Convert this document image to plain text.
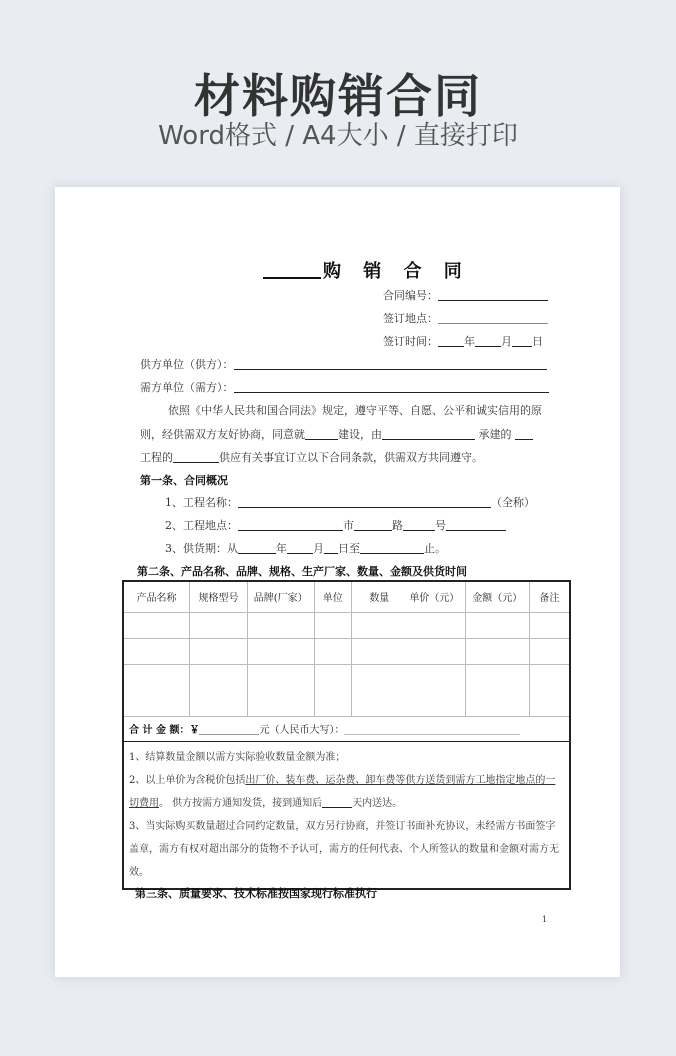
材料购销合同
Word格式 / A4大小 / 直接打印
购 销 合 同
合同编号：
签订地点：
签订时间： 年 月 日
供方单位（供方）：
需方单位（需方）：
依照《中华人民共和国合同法》规定，遵守平等、自愿、公平和诚实信用的原
则，经供需双方友好协商，同意就	建设，由	承建的
工程的	供应有关事宜订立以下合同条款，供需双方共同遵守。
第一条、合同概况
1、工程名称：	（全称）
2、工程地点：	市	路	号
3、供货期：从	年 月 日至	止。
第二条、产品名称、品牌、规格、生产厂家、数量、金额及供货时间
产品名称	规格型号	品牌(厂家）	单位	数量 单价（元）	金额（元）	备注

合 计 金 额：￥ 元（人民币大写）：						

1、结算数量金额以需方实际验收数量金额为准；
2、以上单价为含税价包括出厂价、装车费、运杂费、卸车费等供方送货到需方工地指定地点的一切费用。 供方按需方通知发货，接到通知后 天内送达。
3、当实际购买数量超过合同约定数量，双方另行协商，并签订书面补充协议，未经需方书面签字盖章，需方有权对超出部分的货物不予认可，需方的任何代表、个人所签认的数量和金额对需方无效。						
第三条、质量要求、技术标准按国家现行标准执行
1
